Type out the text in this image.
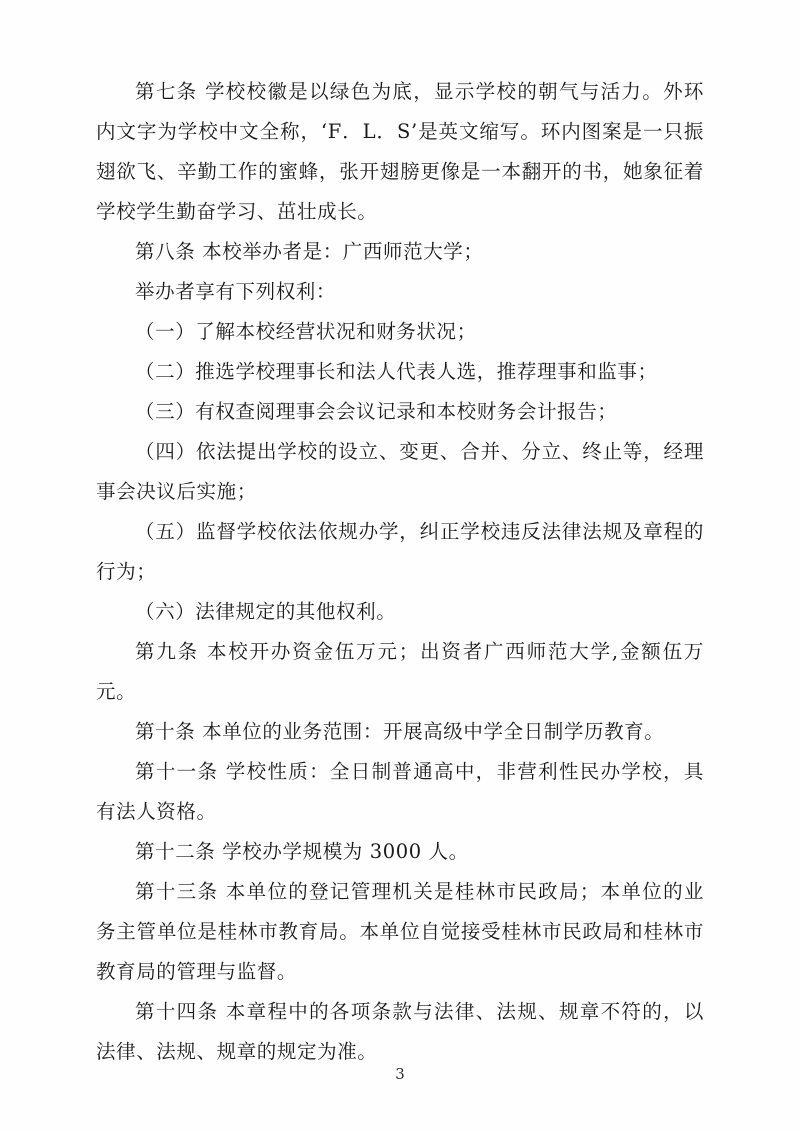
第七条 学校校徽是以绿色为底，显示学校的朝气与活力。外环内文字为学校中文全称，‘F．L．S’是英文缩写。环内图案是一只振翅欲飞、辛勤工作的蜜蜂，张开翅膀更像是一本翻开的书，她象征着学校学生勤奋学习、茁壮成长。

第八条 本校举办者是：广西师范大学；

举办者享有下列权利：

（一）了解本校经营状况和财务状况；

（二）推选学校理事长和法人代表人选，推荐理事和监事；

（三）有权查阅理事会会议记录和本校财务会计报告；

（四）依法提出学校的设立、变更、合并、分立、终止等，经理事会决议后实施；

（五）监督学校依法依规办学，纠正学校违反法律法规及章程的行为；

（六）法律规定的其他权利。

第九条 本校开办资金伍万元；出资者广西师范大学,金额伍万元。

第十条 本单位的业务范围：开展高级中学全日制学历教育。

第十一条 学校性质：全日制普通高中，非营利性民办学校，具有法人资格。

第十二条 学校办学规模为 3000 人。

第十三条 本单位的登记管理机关是桂林市民政局；本单位的业务主管单位是桂林市教育局。本单位自觉接受桂林市民政局和桂林市教育局的管理与监督。

第十四条 本章程中的各项条款与法律、法规、规章不符的，以法律、法规、规章的规定为准。

3
